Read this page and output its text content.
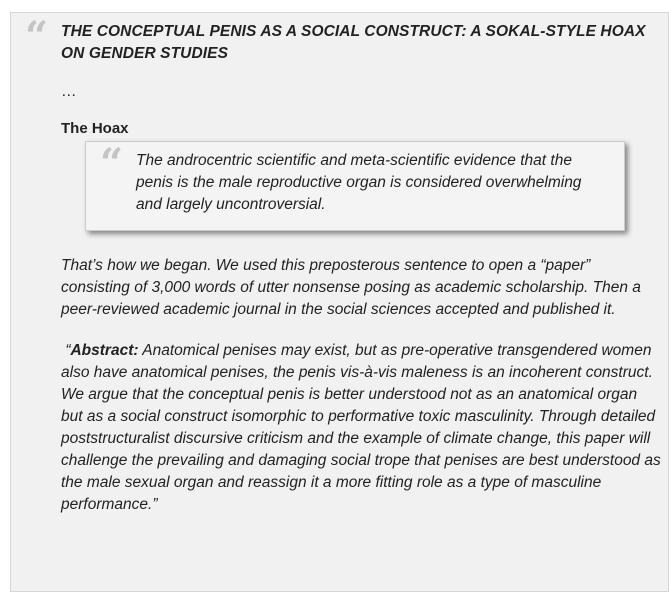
“ THE CONCEPTUAL PENIS AS A SOCIAL CONSTRUCT: A SOKAL-STYLE HOAX ON GENDER STUDIES

…
The Hoax
“ The androcentric scientific and meta-scientific evidence that the penis is the male reproductive organ is considered overwhelming and largely uncontroversial.

That’s how we began. We used this preposterous sentence to open a “paper” consisting of 3,000 words of utter nonsense posing as academic scholarship. Then a peer-reviewed academic journal in the social sciences accepted and published it.

“Abstract: Anatomical penises may exist, but as pre-operative transgendered women also have anatomical penises, the penis vis-à-vis maleness is an incoherent construct. We argue that the conceptual penis is better understood not as an anatomical organ but as a social construct isomorphic to performative toxic masculinity. Through detailed poststructuralist discursive criticism and the example of climate change, this paper will challenge the prevailing and damaging social trope that penises are best understood as the male sexual organ and reassign it a more fitting role as a type of masculine performance.”
